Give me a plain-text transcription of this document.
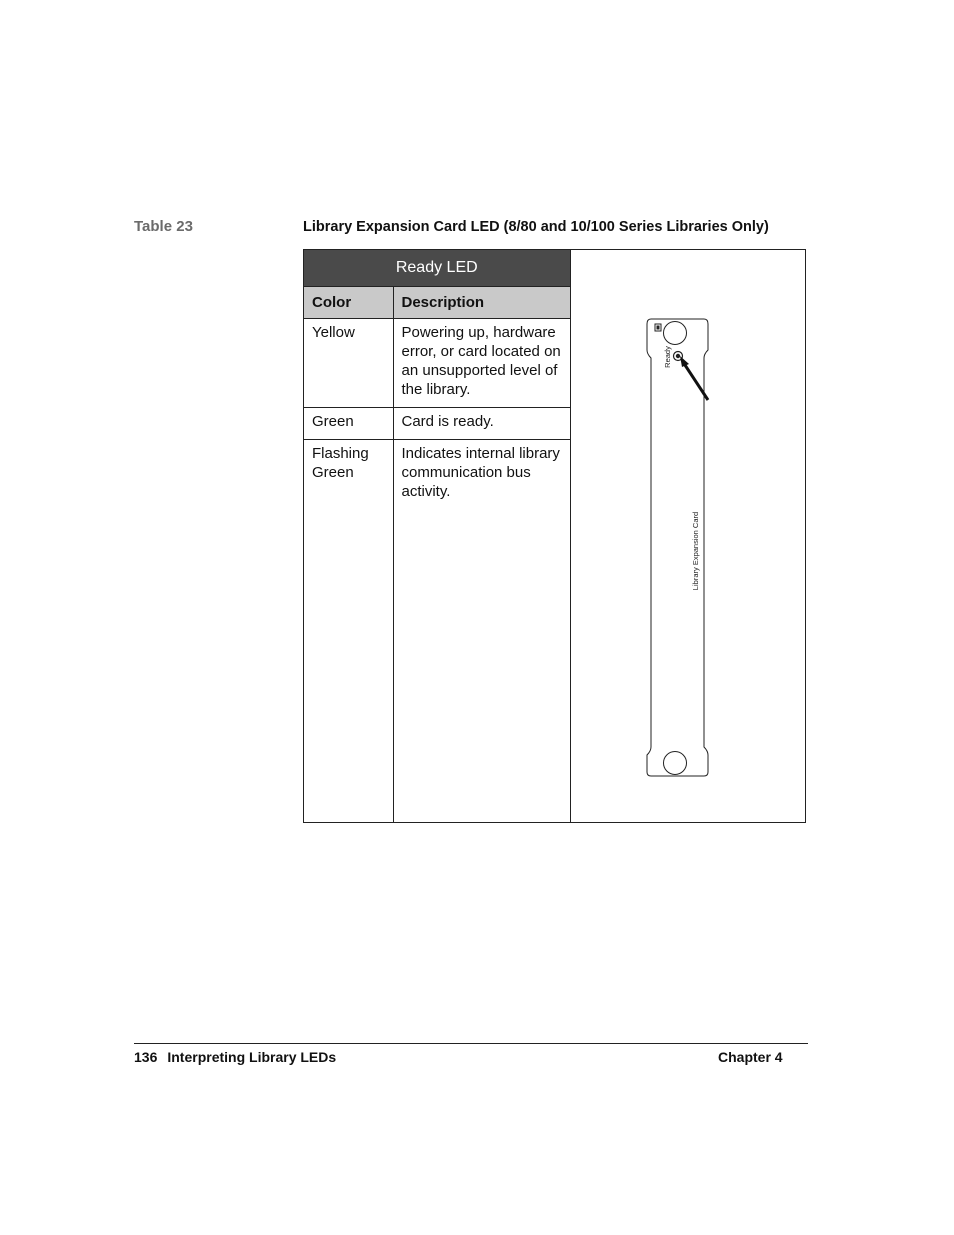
Table 23	Library Expansion Card LED (8/80 and 10/100 Series Libraries Only)
Ready LED	
Color	Description
Yellow	Powering up, hardware error, or card located on an unsupported level of the library.
Green	Card is ready.
Flashing Green	Indicates internal library communication bus activity.
Ready
Library Expansion Card
136 Interpreting Library LEDs	Chapter 4
